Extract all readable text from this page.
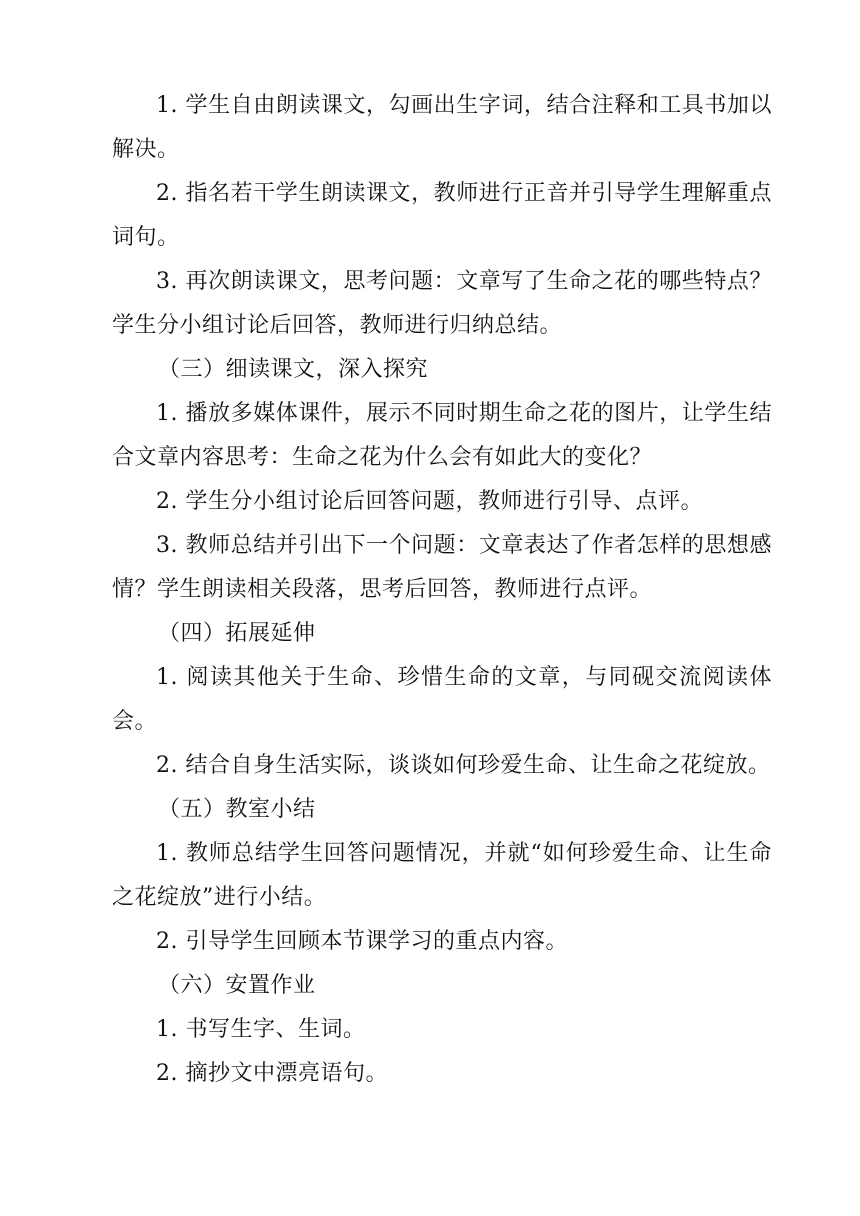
1. 学生自由朗读课文，勾画出生字词，结合注释和工具书加以解决。

2. 指名若干学生朗读课文，教师进行正音并引导学生理解重点词句。

3. 再次朗读课文，思考问题：文章写了生命之花的哪些特点？学生分小组讨论后回答，教师进行归纳总结。

（三）细读课文，深入探究

1. 播放多媒体课件，展示不同时期生命之花的图片，让学生结合文章内容思考：生命之花为什么会有如此大的变化？

2. 学生分小组讨论后回答问题，教师进行引导、点评。

3. 教师总结并引出下一个问题：文章表达了作者怎样的思想感情？学生朗读相关段落，思考后回答，教师进行点评。

（四）拓展延伸

1. 阅读其他关于生命、珍惜生命的文章，与同砚交流阅读体会。

2. 结合自身生活实际，谈谈如何珍爱生命、让生命之花绽放。

（五）教室小结

1. 教师总结学生回答问题情况，并就“如何珍爱生命、让生命之花绽放”进行小结。

2. 引导学生回顾本节课学习的重点内容。

（六）安置作业

1. 书写生字、生词。

2. 摘抄文中漂亮语句。
